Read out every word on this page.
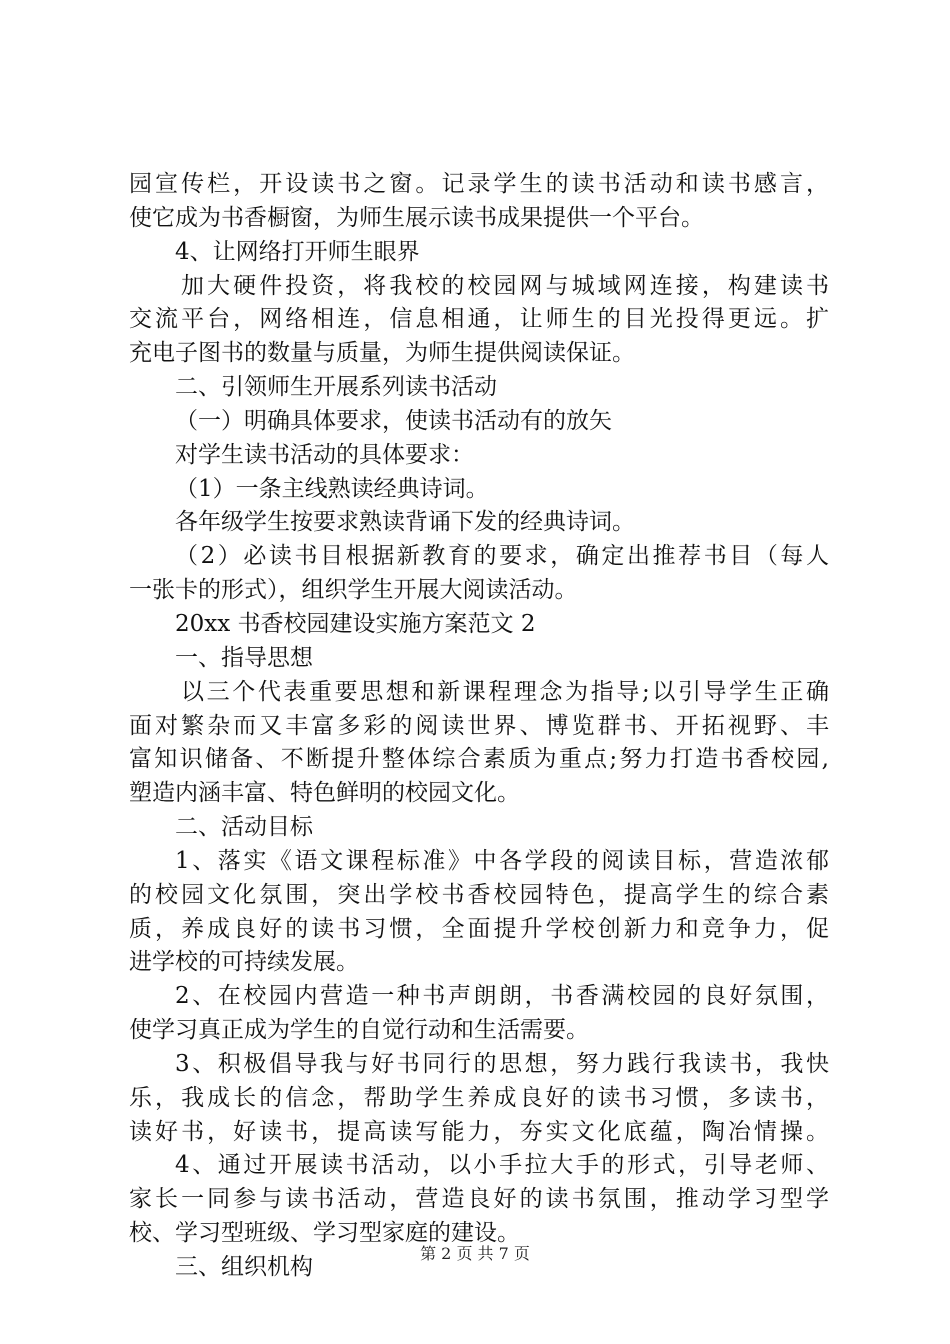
园宣传栏，开设读书之窗。记录学生的读书活动和读书感言，
使它成为书香橱窗，为师生展示读书成果提供一个平台。
4、让网络打开师生眼界
加大硬件投资，将我校的校园网与城域网连接，构建读书
交流平台，网络相连，信息相通，让师生的目光投得更远。扩
充电子图书的数量与质量，为师生提供阅读保证。
二、引领师生开展系列读书活动
（一）明确具体要求，使读书活动有的放矢
对学生读书活动的具体要求：
（1）一条主线熟读经典诗词。
各年级学生按要求熟读背诵下发的经典诗词。
（2）必读书目根据新教育的要求，确定出推荐书目（每人
一张卡的形式），组织学生开展大阅读活动。
20xx 书香校园建设实施方案范文 2
一、指导思想
以三个代表重要思想和新课程理念为指导;以引导学生正确
面对繁杂而又丰富多彩的阅读世界、博览群书、开拓视野、丰
富知识储备、不断提升整体综合素质为重点;努力打造书香校园,
塑造内涵丰富、特色鲜明的校园文化。
二、活动目标
1、落实《语文课程标准》中各学段的阅读目标，营造浓郁
的校园文化氛围，突出学校书香校园特色，提高学生的综合素
质，养成良好的读书习惯，全面提升学校创新力和竞争力，促
进学校的可持续发展。
2、在校园内营造一种书声朗朗，书香满校园的良好氛围，
使学习真正成为学生的自觉行动和生活需要。
3、积极倡导我与好书同行的思想，努力践行我读书，我快
乐，我成长的信念，帮助学生养成良好的读书习惯，多读书，
读好书，好读书，提高读写能力，夯实文化底蕴，陶冶情操。
4、通过开展读书活动，以小手拉大手的形式，引导老师、
家长一同参与读书活动，营造良好的读书氛围，推动学习型学
校、学习型班级、学习型家庭的建设。
三、组织机构
第 2 页 共 7 页
